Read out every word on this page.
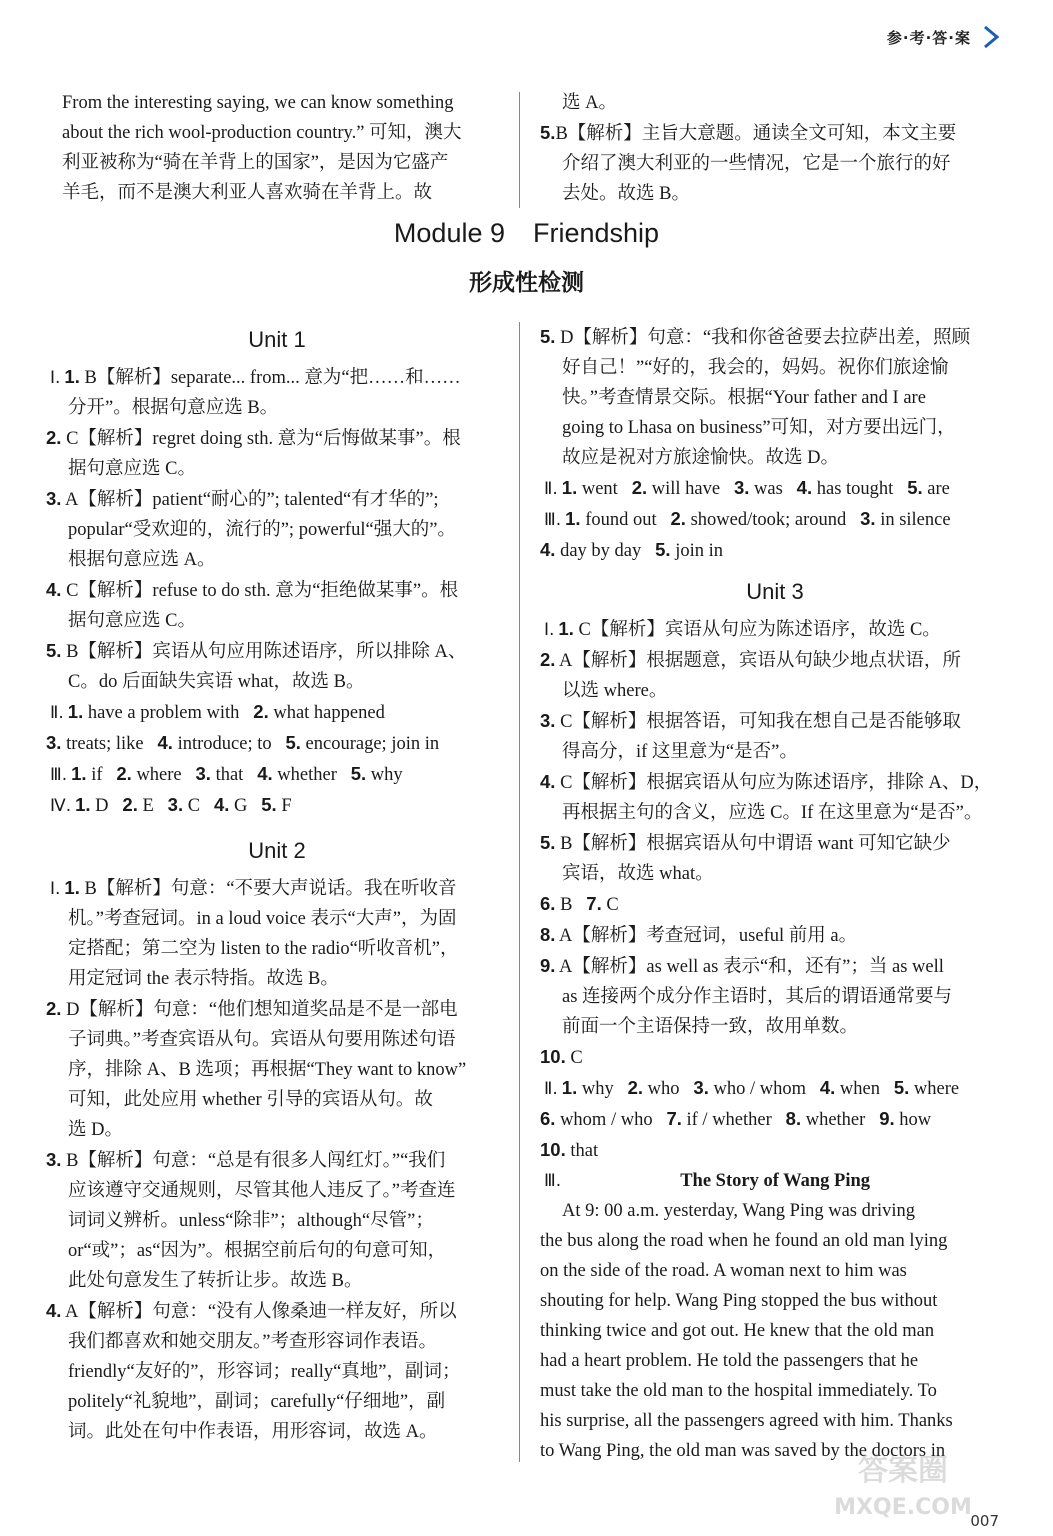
参·考·答·案
From the interesting saying, we can know something
about the rich wool-production country.” 可知，澳大
利亚被称为“骑在羊背上的国家”，是因为它盛产
羊毛，而不是澳大利亚人喜欢骑在羊背上。故
选 A。
5.B【解析】主旨大意题。通读全文可知，本文主要
介绍了澳大利亚的一些情况，它是一个旅行的好
去处。故选 B。
Module 9 Friendship
形成性检测
Unit 1
Ⅰ. 1. B【解析】separate... from... 意为“把……和……
分开”。根据句意应选 B。
2. C【解析】regret doing sth. 意为“后悔做某事”。根
据句意应选 C。
3. A【解析】patient“耐心的”; talented“有才华的”;
popular“受欢迎的，流行的”; powerful“强大的”。
根据句意应选 A。
4. C【解析】refuse to do sth. 意为“拒绝做某事”。根
据句意应选 C。
5. B【解析】宾语从句应用陈述语序，所以排除 A、
C。do 后面缺失宾语 what，故选 B。
Ⅱ. 1. have a problem with 2. what happened
3. treats; like 4. introduce; to 5. encourage; join in
Ⅲ. 1. if 2. where 3. that 4. whether 5. why
Ⅳ. 1. D 2. E 3. C 4. G 5. F
Unit 2
Ⅰ. 1. B【解析】句意：“不要大声说话。我在听收音
机。”考查冠词。in a loud voice 表示“大声”，为固
定搭配；第二空为 listen to the radio“听收音机”，
用定冠词 the 表示特指。故选 B。
2. D【解析】句意：“他们想知道奖品是不是一部电
子词典。”考查宾语从句。宾语从句要用陈述句语
序，排除 A、B 选项；再根据“They want to know”
可知，此处应用 whether 引导的宾语从句。故
选 D。
3. B【解析】句意：“总是有很多人闯红灯。”“我们
应该遵守交通规则，尽管其他人违反了。”考查连
词词义辨析。unless“除非”；although“尽管”；
or“或”；as“因为”。根据空前后句的句意可知，
此处句意发生了转折让步。故选 B。
4. A【解析】句意：“没有人像桑迪一样友好，所以
我们都喜欢和她交朋友。”考查形容词作表语。
friendly“友好的”，形容词；really“真地”，副词；
politely“礼貌地”，副词；carefully“仔细地”，副
词。此处在句中作表语，用形容词，故选 A。
5. D【解析】句意：“我和你爸爸要去拉萨出差，照顾
好自己！”“好的，我会的，妈妈。祝你们旅途愉
快。”考查情景交际。根据“Your father and I are
going to Lhasa on business”可知，对方要出远门，
故应是祝对方旅途愉快。故选 D。
Ⅱ. 1. went 2. will have 3. was 4. has tought 5. are
Ⅲ. 1. found out 2. showed/took; around 3. in silence
4. day by day 5. join in
Unit 3
Ⅰ. 1. C【解析】宾语从句应为陈述语序，故选 C。
2. A【解析】根据题意，宾语从句缺少地点状语，所
以选 where。
3. C【解析】根据答语，可知我在想自己是否能够取
得高分，if 这里意为“是否”。
4. C【解析】根据宾语从句应为陈述语序，排除 A、D，
再根据主句的含义，应选 C。If 在这里意为“是否”。
5. B【解析】根据宾语从句中谓语 want 可知它缺少
宾语，故选 what。
6. B 7. C
8. A【解析】考查冠词，useful 前用 a。
9. A【解析】as well as 表示“和，还有”；当 as well
as 连接两个成分作主语时，其后的谓语通常要与
前面一个主语保持一致，故用单数。
10. C
Ⅱ. 1. why 2. who 3. who / whom 4. when 5. where
6. whom / who 7. if / whether 8. whether 9. how
10. that
Ⅲ.	The Story of Wang Ping
At 9: 00 a.m. yesterday, Wang Ping was driving
the bus along the road when he found an old man lying
on the side of the road. A woman next to him was
shouting for help. Wang Ping stopped the bus without
thinking twice and got out. He knew that the old man
had a heart problem. He told the passengers that he
must take the old man to the hospital immediately. To
his surprise, all the passengers agreed with him. Thanks
to Wang Ping, the old man was saved by the doctors in
答案圈
MXQE.COM
007
